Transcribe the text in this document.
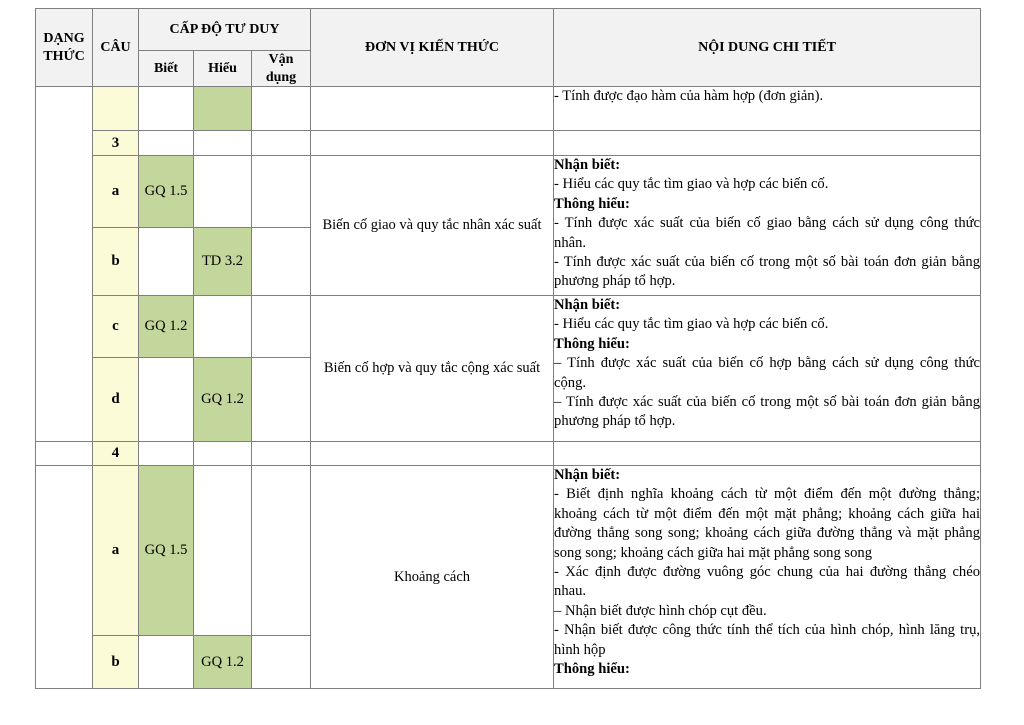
DẠNG THỨC	CÂU	CẤP ĐỘ TƯ DUY			ĐƠN VỊ KIẾN THỨC	NỘI DUNG CHI TIẾT
		Biết	Hiểu	Vận dụng		

						- Tính được đạo hàm của hàm hợp (đơn giản).

	3					
	a	GQ 1.5			Biến cố giao và quy tắc nhân xác suất	Nhận biết:
- Hiểu các quy tắc tìm giao và hợp các biến cố.
Thông hiểu:
- Tính được xác suất của biến cố giao bằng cách sử dụng công thức nhân.
- Tính được xác suất của biến cố trong một số bài toán đơn giản bằng phương pháp tổ hợp.

	b		TD 3.2			
	c	GQ 1.2			Biến cố hợp và quy tắc cộng xác suất	Nhận biết:
- Hiểu các quy tắc tìm giao và hợp các biến cố.
Thông hiểu:
– Tính được xác suất của biến cố hợp bằng cách sử dụng công thức cộng.
– Tính được xác suất của biến cố trong một số bài toán đơn giản bằng phương pháp tổ hợp.

	d		GQ 1.2			
	4					
	a	GQ 1.5			Khoảng cách	
Nhận biết:
- Biết định nghĩa khoảng cách từ một điểm đến một đường thẳng; khoảng cách từ một điểm đến một mặt phẳng; khoảng cách giữa hai đường thẳng song song; khoảng cách giữa đường thẳng và mặt phẳng song song; khoảng cách giữa hai mặt phẳng song song
- Xác định được đường vuông góc chung của hai đường thẳng chéo nhau.
– Nhận biết được hình chóp cụt đều.
- Nhận biết được công thức tính thể tích của hình chóp, hình lăng trụ, hình hộp
Thông hiểu:

	b		GQ 1.2			
